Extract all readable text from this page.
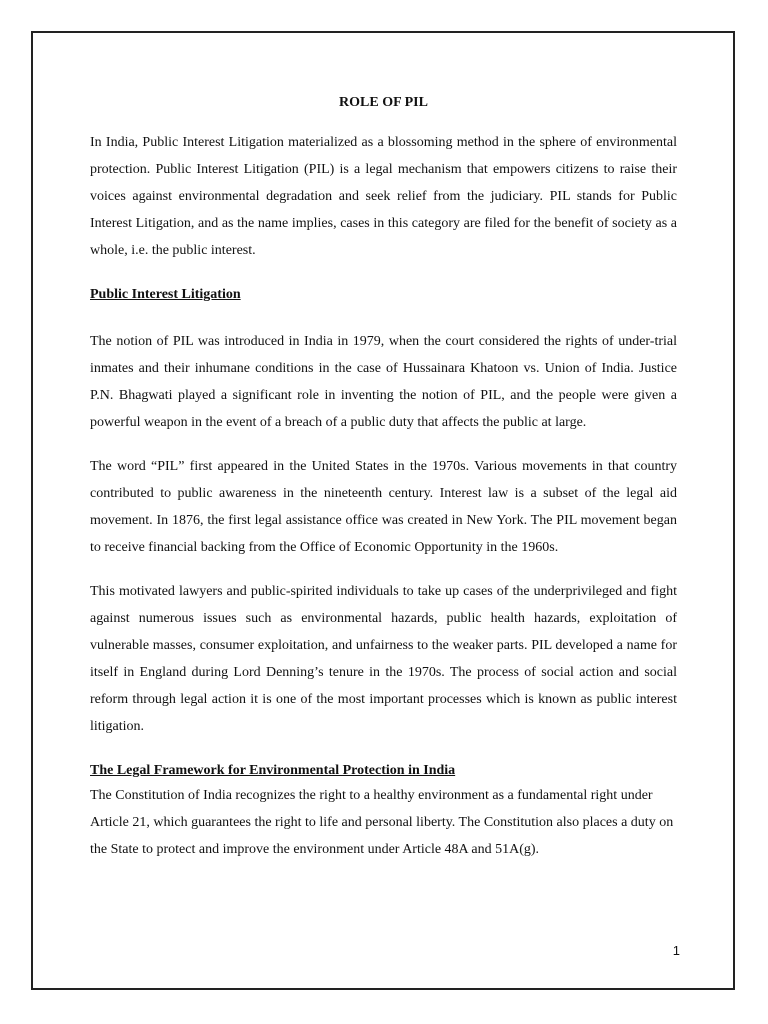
ROLE OF PIL

In India, Public Interest Litigation materialized as a blossoming method in the sphere of environmental protection. Public Interest Litigation (PIL) is a legal mechanism that empowers citizens to raise their voices against environmental degradation and seek relief from the judiciary. PIL stands for Public Interest Litigation, and as the name implies, cases in this category are filed for the benefit of society as a whole, i.e. the public interest.

Public Interest Litigation

The notion of PIL was introduced in India in 1979, when the court considered the rights of under-trial inmates and their inhumane conditions in the case of Hussainara Khatoon vs. Union of India. Justice P.N. Bhagwati played a significant role in inventing the notion of PIL, and the people were given a powerful weapon in the event of a breach of a public duty that affects the public at large.

The word “PIL” first appeared in the United States in the 1970s. Various movements in that country contributed to public awareness in the nineteenth century. Interest law is a subset of the legal aid movement. In 1876, the first legal assistance office was created in New York. The PIL movement began to receive financial backing from the Office of Economic Opportunity in the 1960s.

This motivated lawyers and public-spirited individuals to take up cases of the underprivileged and fight against numerous issues such as environmental hazards, public health hazards, exploitation of vulnerable masses, consumer exploitation, and unfairness to the weaker parts. PIL developed a name for itself in England during Lord Denning’s tenure in the 1970s. The process of social action and social reform through legal action it is one of the most important processes which is known as public interest litigation.

The Legal Framework for Environmental Protection in India

The Constitution of India recognizes the right to a healthy environment as a fundamental right under Article 21, which guarantees the right to life and personal liberty. The Constitution also places a duty on the State to protect and improve the environment under Article 48A and 51A(g).

1
